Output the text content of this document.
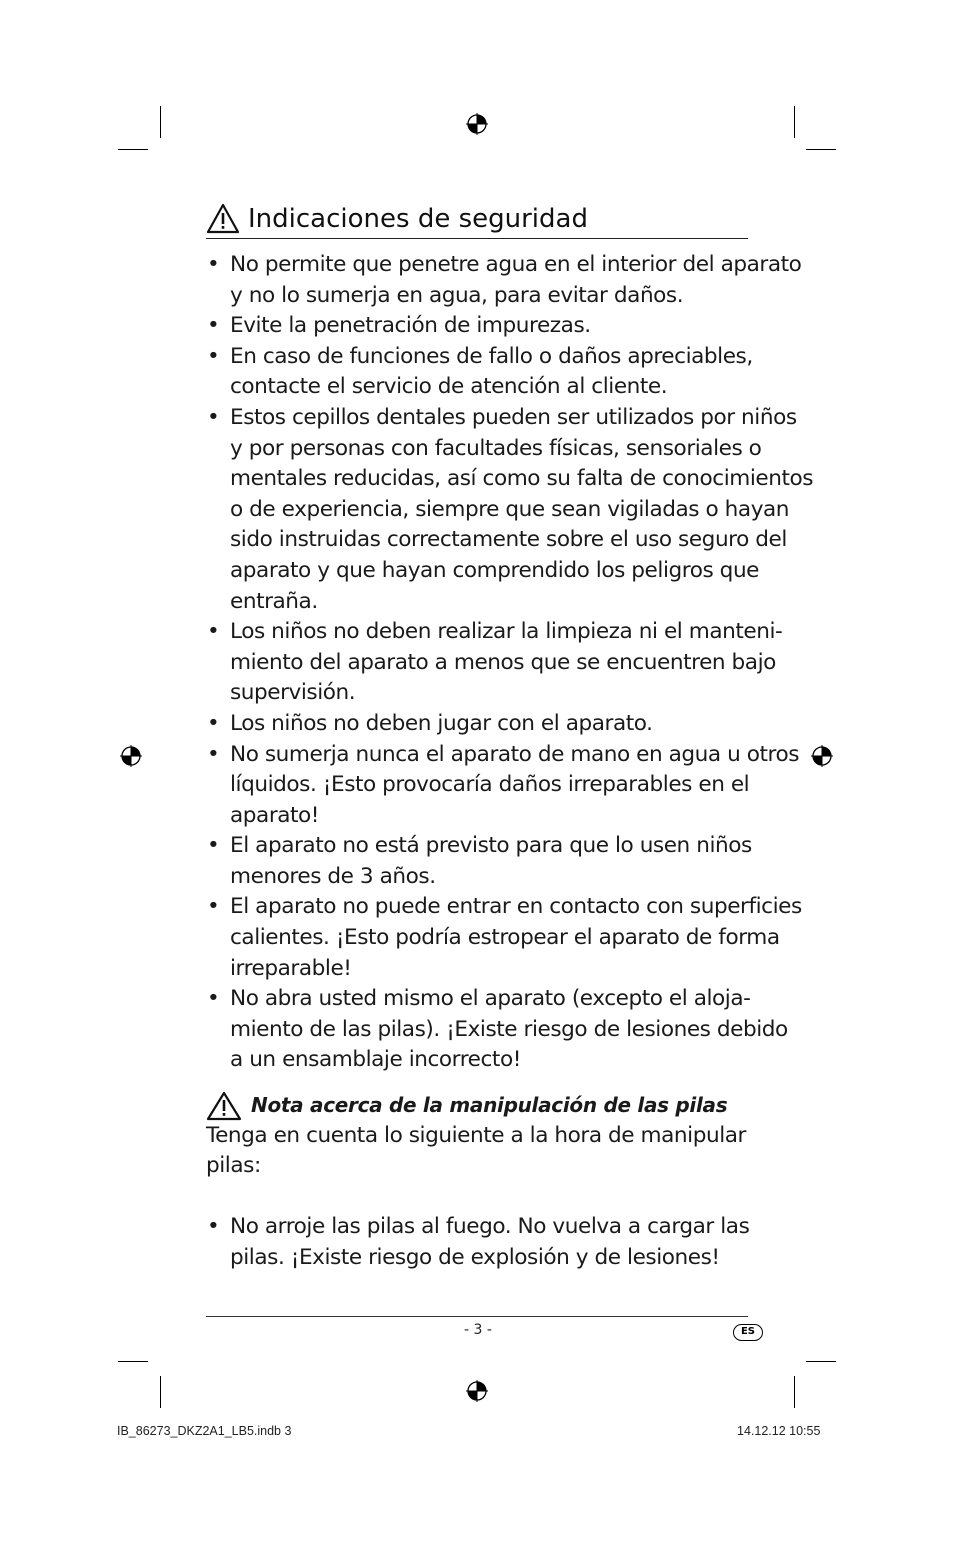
Indicaciones de seguridad
• No permite que penetre agua en el interior del aparato
y no lo sumerja en agua, para evitar daños.
• Evite la penetración de impurezas.
• En caso de funciones de fallo o daños apreciables,
contacte el servicio de atención al cliente.
• Estos cepillos dentales pueden ser utilizados por niños
y por personas con facultades físicas, sensoriales o
mentales reducidas, así como su falta de conocimientos
o de experiencia, siempre que sean vigiladas o hayan
sido instruidas correctamente sobre el uso seguro del
aparato y que hayan comprendido los peligros que
entraña.
• Los niños no deben realizar la limpieza ni el manteni-
miento del aparato a menos que se encuentren bajo
supervisión.
• Los niños no deben jugar con el aparato.
• No sumerja nunca el aparato de mano en agua u otros
líquidos. ¡Esto provocaría daños irreparables en el
aparato!
• El aparato no está previsto para que lo usen niños
menores de 3 años.
• El aparato no puede entrar en contacto con superficies
calientes. ¡Esto podría estropear el aparato de forma
irreparable!
• No abra usted mismo el aparato (excepto el aloja-
miento de las pilas). ¡Existe riesgo de lesiones debido
a un ensamblaje incorrecto!
Nota acerca de la manipulación de las pilas
Tenga en cuenta lo siguiente a la hora de manipular
pilas:
• No arroje las pilas al fuego. No vuelva a cargar las
pilas. ¡Existe riesgo de explosión y de lesiones!
- 3 -	ES
IB_86273_DKZ2A1_LB5.indb 3	14.12.12 10:55
